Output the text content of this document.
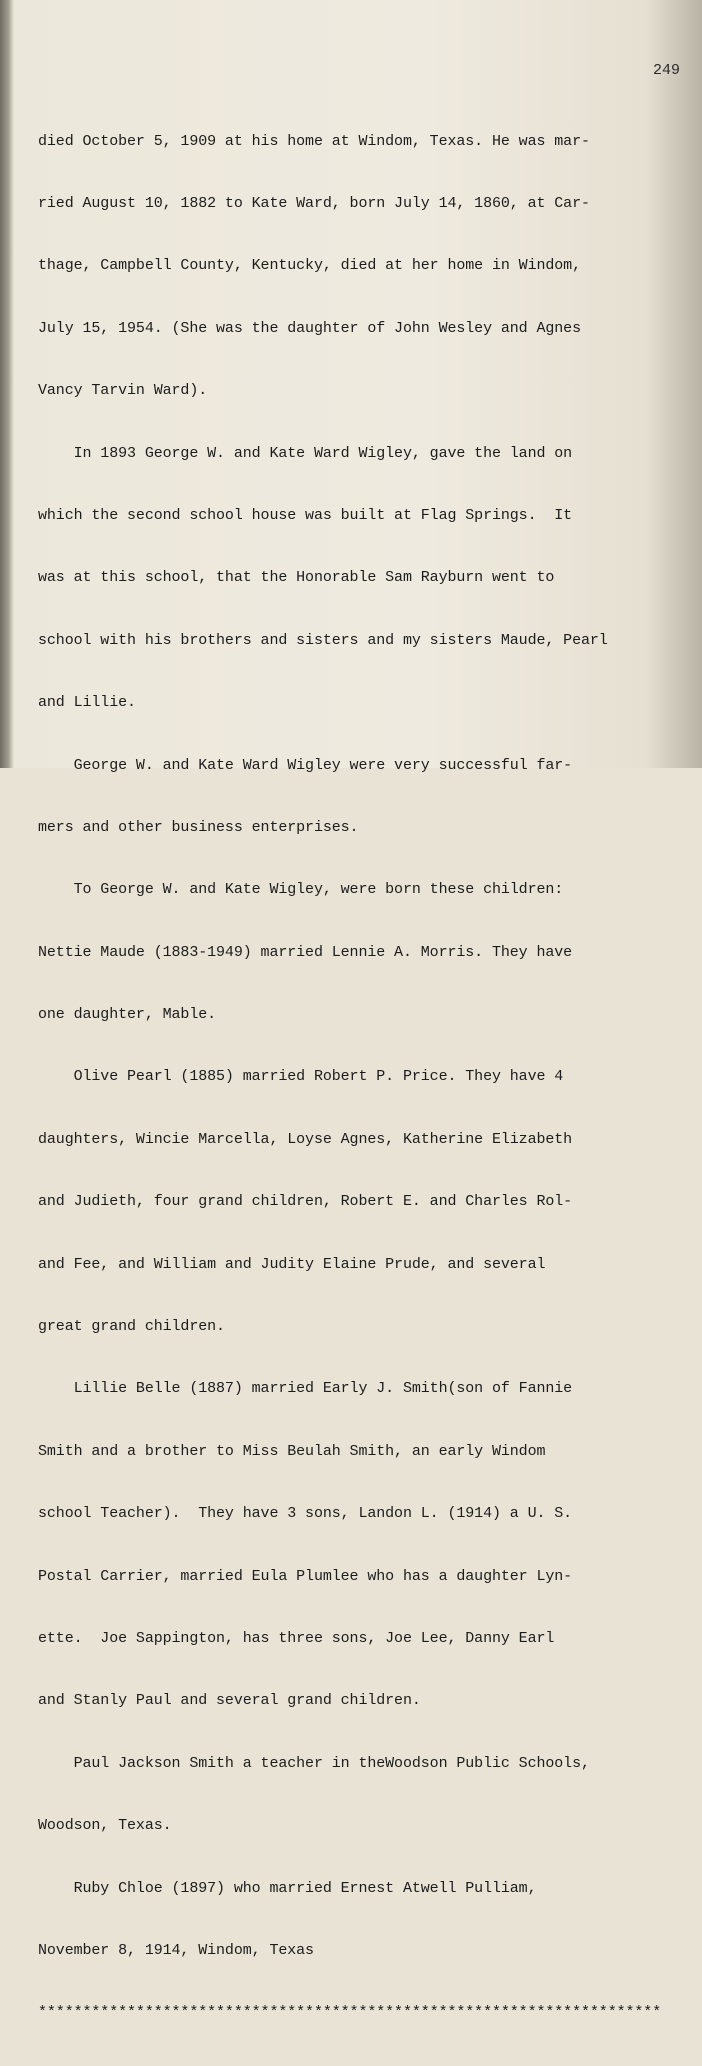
249

died October 5, 1909 at his home at Windom, Texas. He was mar-

ried August 10, 1882 to Kate Ward, born July 14, 1860, at Car-

thage, Campbell County, Kentucky, died at her home in Windom,

July 15, 1954. (She was the daughter of John Wesley and Agnes

Vancy Tarvin Ward).

In 1893 George W. and Kate Ward Wigley, gave the land on

which the second school house was built at Flag Springs.  It

was at this school, that the Honorable Sam Rayburn went to

school with his brothers and sisters and my sisters Maude, Pearl

and Lillie.

George W. and Kate Ward Wigley were very successful far-

mers and other business enterprises.

To George W. and Kate Wigley, were born these children:

Nettie Maude (1883-1949) married Lennie A. Morris. They have

one daughter, Mable.

Olive Pearl (1885) married Robert P. Price. They have 4

daughters, Wincie Marcella, Loyse Agnes, Katherine Elizabeth

and Judieth, four grand children, Robert E. and Charles Rol-

and Fee, and William and Judity Elaine Prude, and several

great grand children.

Lillie Belle (1887) married Early J. Smith(son of Fannie

Smith and a brother to Miss Beulah Smith, an early Windom

school Teacher).  They have 3 sons, Landon L. (1914) a U. S.

Postal Carrier, married Eula Plumlee who has a daughter Lyn-

ette.  Joe Sappington, has three sons, Joe Lee, Danny Earl

and Stanly Paul and several grand children.

Paul Jackson Smith a teacher in theWoodson Public Schools,

Woodson, Texas.

Ruby Chloe (1897) who married Ernest Atwell Pulliam,

November 8, 1914, Windom, Texas

**********************************************************************
